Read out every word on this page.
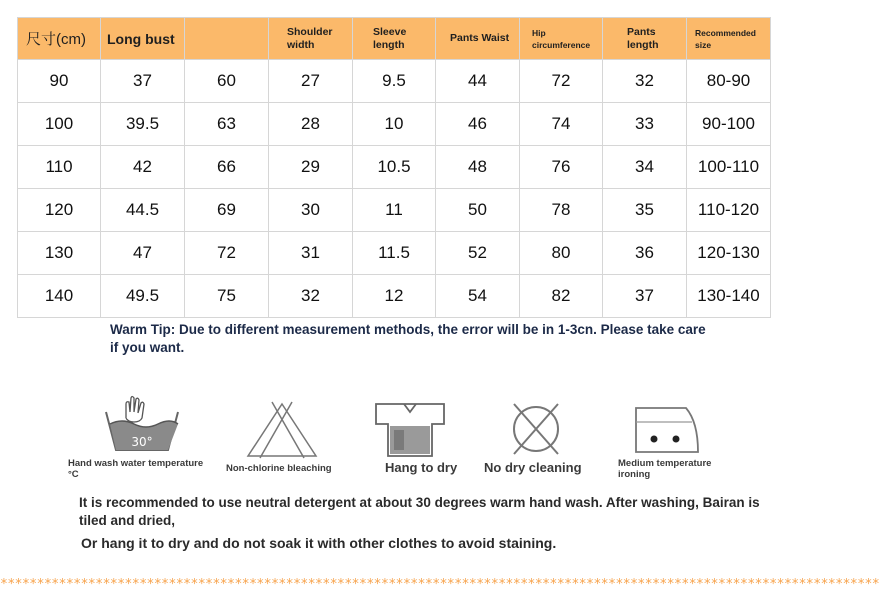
尺寸(cm)	Long bust		Shoulder width	Sleeve length	Pants Waist	Hip circumference	Pants length	Recommended size
90	37	60	27	9.5	44	72	32	80-90
100	39.5	63	28	10	46	74	33	90-100
110	42	66	29	10.5	48	76	34	100-110
120	44.5	69	30	11	50	78	35	110-120
130	47	72	31	11.5	52	80	36	120-130
140	49.5	75	32	12	54	82	37	130-140

Warm Tip: Due to different measurement methods, the error will be in 1-3cn. Please take care if you want.

30°
Hand wash water temperature °C
Non-chlorine bleaching	Hang to dry No dry cleaning	Medium temperature ironing

It is recommended to use neutral detergent at about 30 degrees warm hand wash. After washing, Bairan is tiled and dried,

Or hang it to dry and do not soak it with other clothes to avoid staining.

************************************************************************************************************************
